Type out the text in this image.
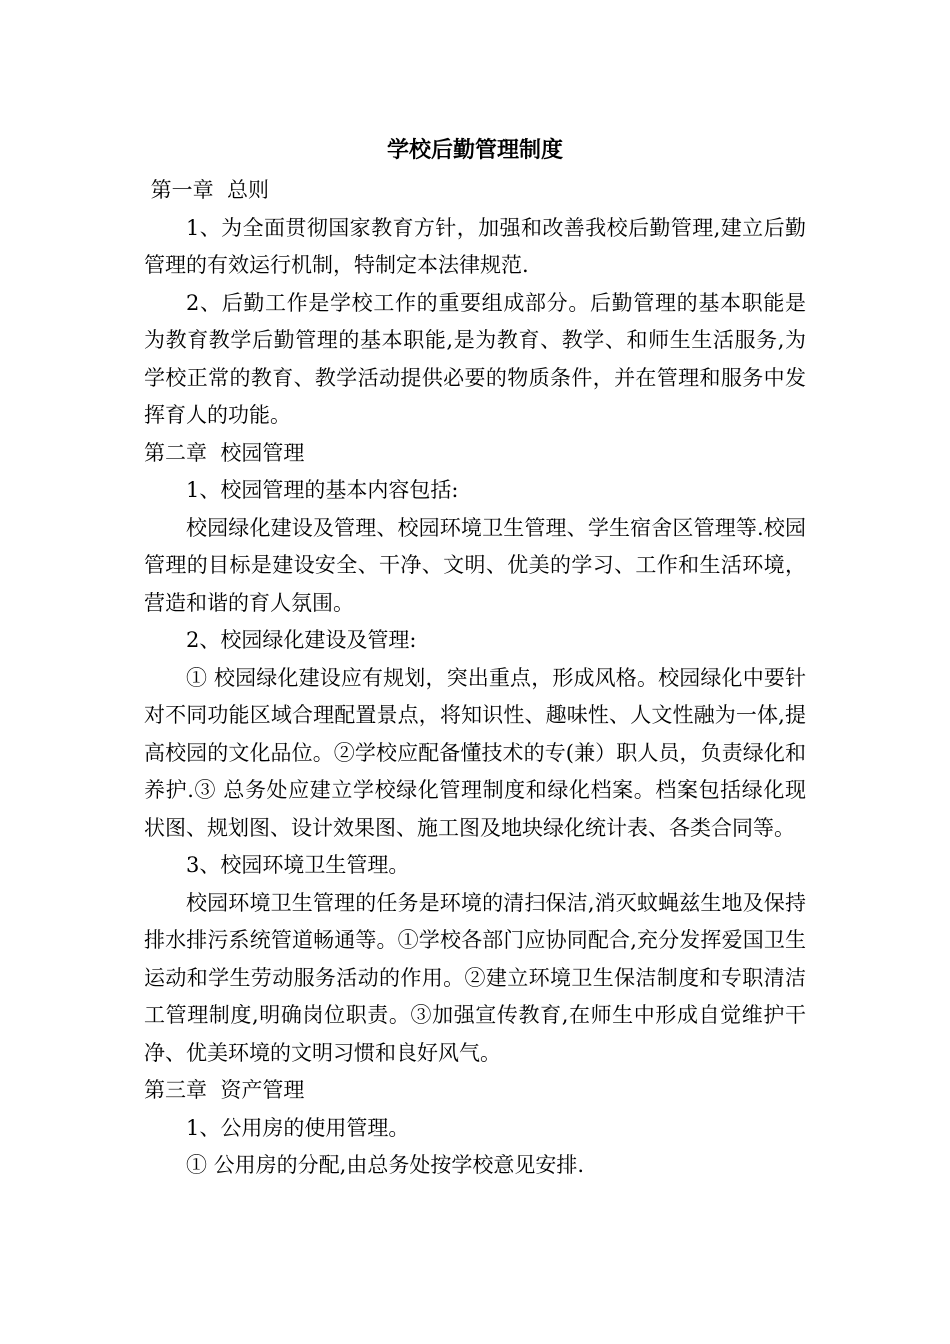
学校后勤管理制度

第一章  总则

1、为全面贯彻国家教育方针，加强和改善我校后勤管理,建立后勤管理的有效运行机制，特制定本法律规范.

2、后勤工作是学校工作的重要组成部分。后勤管理的基本职能是为教育教学后勤管理的基本职能,是为教育、教学、和师生生活服务,为学校正常的教育、教学活动提供必要的物质条件，并在管理和服务中发挥育人的功能。

第二章  校园管理

1、校园管理的基本内容包括:

校园绿化建设及管理、校园环境卫生管理、学生宿舍区管理等.校园管理的目标是建设安全、干净、文明、优美的学习、工作和生活环境，营造和谐的育人氛围。

2、校园绿化建设及管理:

① 校园绿化建设应有规划，突出重点，形成风格。校园绿化中要针对不同功能区域合理配置景点，将知识性、趣味性、人文性融为一体,提高校园的文化品位。②学校应配备懂技术的专(兼）职人员，负责绿化和养护.③ 总务处应建立学校绿化管理制度和绿化档案。档案包括绿化现状图、规划图、设计效果图、施工图及地块绿化统计表、各类合同等。

3、校园环境卫生管理。

校园环境卫生管理的任务是环境的清扫保洁,消灭蚊蝇兹生地及保持排水排污系统管道畅通等。①学校各部门应协同配合,充分发挥爱国卫生运动和学生劳动服务活动的作用。②建立环境卫生保洁制度和专职清洁工管理制度,明确岗位职责。③加强宣传教育,在师生中形成自觉维护干净、优美环境的文明习惯和良好风气。

第三章  资产管理

1、公用房的使用管理。

① 公用房的分配,由总务处按学校意见安排.
